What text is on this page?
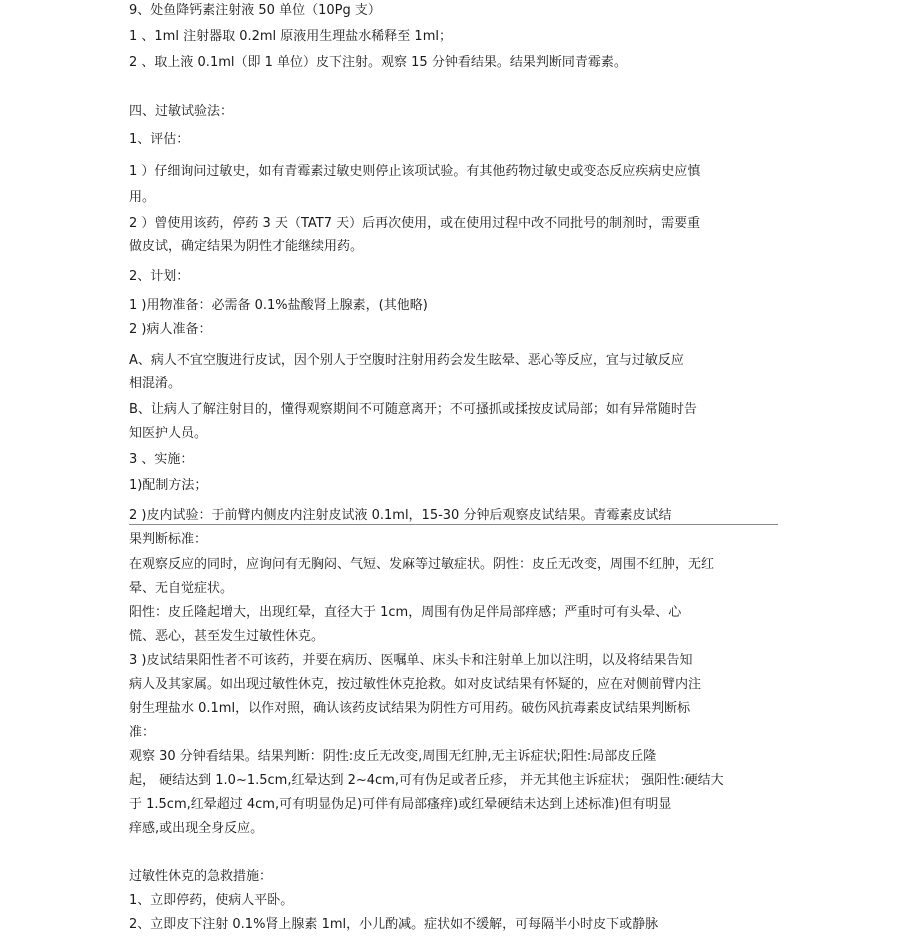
9、处鱼降钙素注射液 50 单位（10Pg 支）
1 、1ml 注射器取 0.2ml 原液用生理盐水稀释至 1ml；
2 、取上液 0.1ml（即 1 单位）皮下注射。观察 15 分钟看结果。结果判断同青霉素。
四、过敏试验法：
1、评估：
1 ）仔细询问过敏史，如有青霉素过敏史则停止该项试验。有其他药物过敏史或变态反应疾病史应慎
用。
2 ）曾使用该药，停药 3 天（TAT7 天）后再次使用，或在使用过程中改不同批号的制剂时，需要重
做皮试，确定结果为阴性才能继续用药。
2、计划：
1 )用物准备：必需备 0.1%盐酸肾上腺素，(其他略)
2 )病人准备：
A、病人不宜空腹进行皮试，因个别人于空腹时注射用药会发生眩晕、恶心等反应，宜与过敏反应
相混淆。
B、让病人了解注射目的，懂得观察期间不可随意离开；不可搔抓或揉按皮试局部；如有异常随时告
知医护人员。
3 、实施：
1)配制方法；
2 )皮内试验：于前臂内侧皮内注射皮试液 0.1ml，15-30 分钟后观察皮试结果。青霉素皮试结
果判断标准：
在观察反应的同时，应询问有无胸闷、气短、发麻等过敏症状。阴性：皮丘无改变，周围不红肿，无红
晕、无自觉症状。
阳性：皮丘隆起增大，出现红晕，直径大于 1cm，周围有伪足伴局部痒感；严重时可有头晕、心
慌、恶心，甚至发生过敏性休克。
3 )皮试结果阳性者不可该药，并要在病历、医嘱单、床头卡和注射单上加以注明，以及将结果告知
病人及其家属。如出现过敏性休克，按过敏性休克抢救。如对皮试结果有怀疑的，应在对侧前臂内注
射生理盐水 0.1ml，以作对照，确认该药皮试结果为阴性方可用药。破伤风抗毒素皮试结果判断标
准：
观察 30 分钟看结果。结果判断：阴性:皮丘无改变,周围无红肿,无主诉症状;阳性:局部皮丘隆
起， 硬结达到 1.0~1.5cm,红晕达到 2~4cm,可有伪足或者丘疹， 并无其他主诉症状； 强阳性:硬结大
于 1.5cm,红晕超过 4cm,可有明显伪足)可伴有局部瘙痒)或红晕硬结未达到上述标准)但有明显
痒感,或出现全身反应。
过敏性休克的急救措施：
1、立即停药，使病人平卧。
2、立即皮下注射 0.1%肾上腺素 1ml，小儿酌减。症状如不缓解，可每隔半小时皮下或静脉
